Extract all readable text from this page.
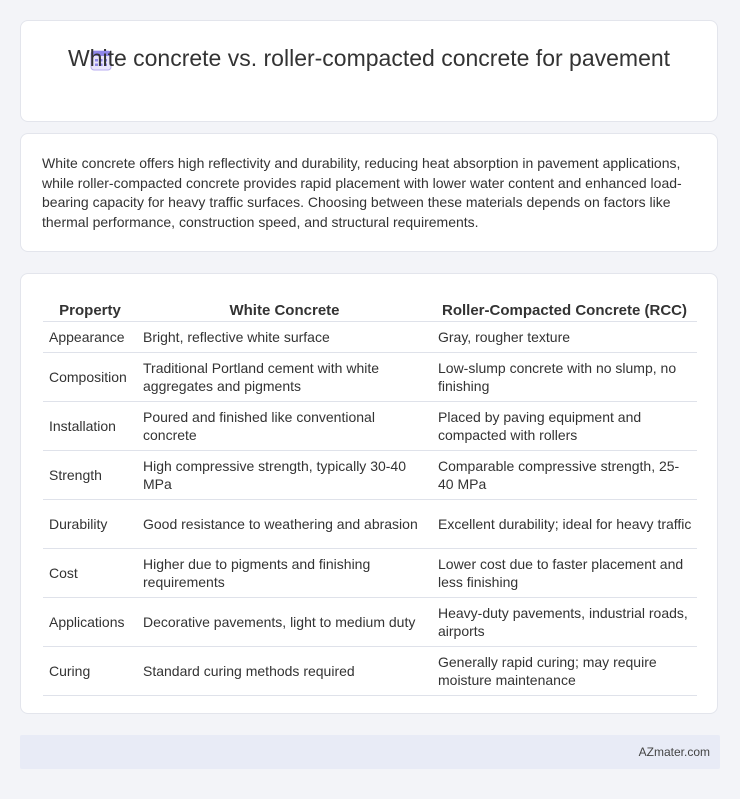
White concrete vs. roller-compacted concrete for pavement
White concrete offers high reflectivity and durability, reducing heat absorption in pavement applications, while roller-compacted concrete provides rapid placement with lower water content and enhanced load-bearing capacity for heavy traffic surfaces. Choosing between these materials depends on factors like thermal performance, construction speed, and structural requirements.
Property	White Concrete	Roller-Compacted Concrete (RCC)
Appearance	Bright, reflective white surface	Gray, rougher texture
Composition	Traditional Portland cement with white aggregates and pigments	Low-slump concrete with no slump, no finishing
Installation	Poured and finished like conventional concrete	Placed by paving equipment and compacted with rollers
Strength	High compressive strength, typically 30-40 MPa	Comparable compressive strength, 25-40 MPa
Durability	Good resistance to weathering and abrasion	Excellent durability; ideal for heavy traffic
Cost	Higher due to pigments and finishing requirements	Lower cost due to faster placement and less finishing
Applications	Decorative pavements, light to medium duty	Heavy-duty pavements, industrial roads, airports
Curing	Standard curing methods required	Generally rapid curing; may require moisture maintenance
AZmater.com
